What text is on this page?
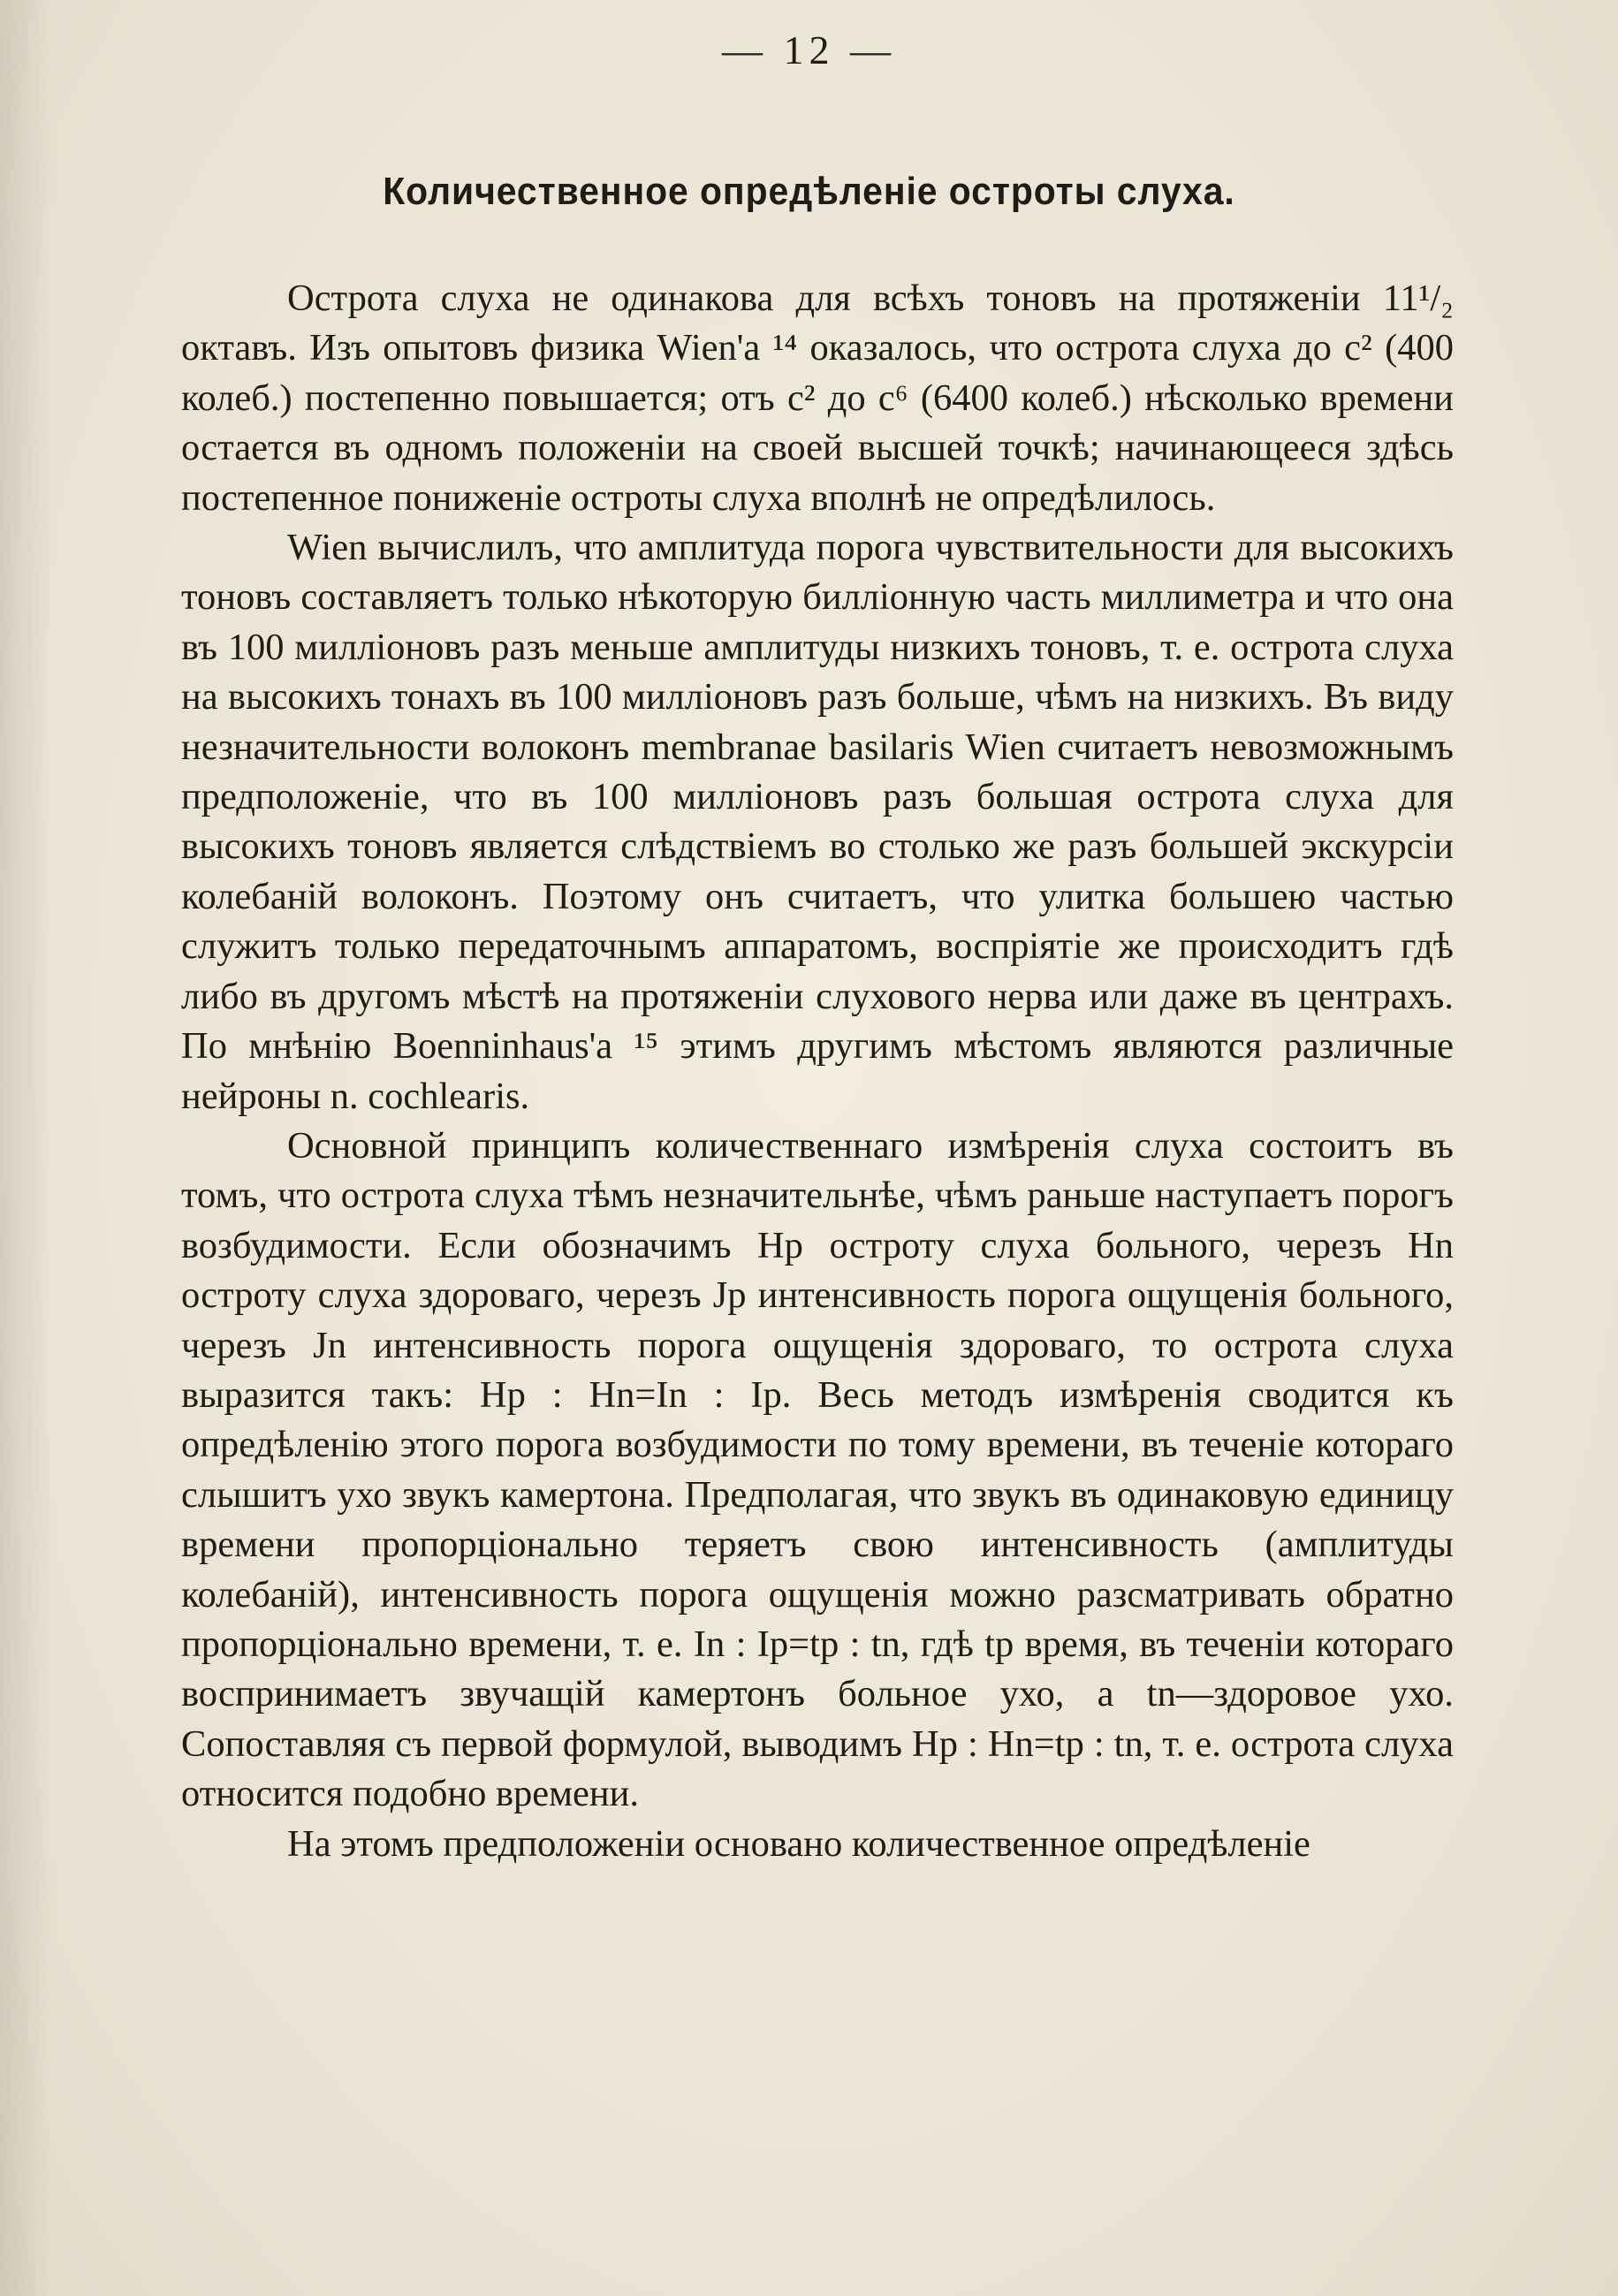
— 12 —
Количественное опредѣленіе остроты слуха.

Острота слуха не одинакова для всѣхъ тоновъ на протяженіи 11¹/₂ октавъ. Изъ опытовъ физика Wien'а ¹⁴ оказалось, что острота слуха до c² (400 колеб.) постепенно повышается; отъ c² до c⁶ (6400 колеб.) нѣсколько времени остается въ одномъ положеніи на своей высшей точкѣ; начинающееся здѣсь постепенное пониженіе остроты слуха вполнѣ не опредѣлилось.

Wien вычислилъ, что амплитуда порога чувствительности для высокихъ тоновъ составляетъ только нѣкоторую билліонную часть миллиметра и что она въ 100 милліоновъ разъ меньше амплитуды низкихъ тоновъ, т. е. острота слуха на высокихъ тонахъ въ 100 милліоновъ разъ больше, чѣмъ на низкихъ. Въ виду незначительности волоконъ membranae basilaris Wien считаетъ невозможнымъ предположеніе, что въ 100 милліоновъ разъ большая острота слуха для высокихъ тоновъ является слѣдствіемъ во столько же разъ большей экскурсіи колебаній волоконъ. Поэтому онъ считаетъ, что улитка большею частью служитъ только передаточнымъ аппаратомъ, воспріятіе же происходитъ гдѣ либо въ другомъ мѣстѣ на протяженіи слухового нерва или даже въ центрахъ. По мнѣнію Boenninhaus'а ¹⁵ этимъ другимъ мѣстомъ являются различные нейроны n. cochlearis.

Основной принципъ количественнаго измѣренія слуха состоитъ въ томъ, что острота слуха тѣмъ незначительнѣе, чѣмъ раньше наступаетъ порогъ возбудимости. Если обозначимъ Hp остроту слуха больного, черезъ Hn остроту слуха здороваго, черезъ Jp интенсивность порога ощущенія больного, черезъ Jn интенсивность порога ощущенія здороваго, то острота слуха выразится такъ: Hp : Hn=In : Ip. Весь методъ измѣренія сводится къ опредѣленію этого порога возбудимости по тому времени, въ теченіе котораго слышитъ ухо звукъ камертона. Предполагая, что звукъ въ одинаковую единицу времени пропорціонально теряетъ свою интенсивность (амплитуды колебаній), интенсивность порога ощущенія можно разсматривать обратно пропорціонально времени, т. е. In : Ip=tp : tn, гдѣ tp время, въ теченіи котораго воспринимаетъ звучащій камертонъ больное ухо, а tn—здоровое ухо. Сопоставляя съ первой формулой, выводимъ Hp : Hn=tp : tn, т. е. острота слуха относится подобно времени.

На этомъ предположеніи основано количественное опредѣленіе
